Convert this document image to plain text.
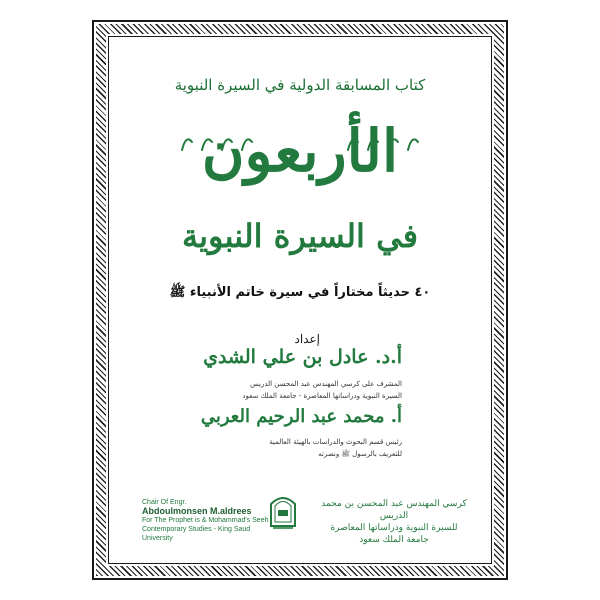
كتاب المسابقة الدولية في السيرة النبوية
الأربعون
في السيرة النبوية
٤٠ حديثاً مختاراً في سيرة خاتم الأنبياء ﷺ
إعداد
أ.د. عادل بن علي الشدي
المشرف على كرسي المهندس عبد المحسن الدريس
السيرة النبوية ودراساتها المعاصرة - جامعة الملك سعود
أ. محمد عبد الرحيم العربي
رئيس قسم البحوث والدراسات بالهيئة العالمية
للتعريف بالرسول ﷺ ونصرته
Chair Of Engr.
Abdoulmonsen M.aldrees
For The Prophet is & Mohammad's Seeh
Contemporary Studies - King Saud University
كرسي المهندس عبد المحسن بن محمد الدريس
للسيرة النبوية ودراساتها المعاصرة
جامعة الملك سعود
